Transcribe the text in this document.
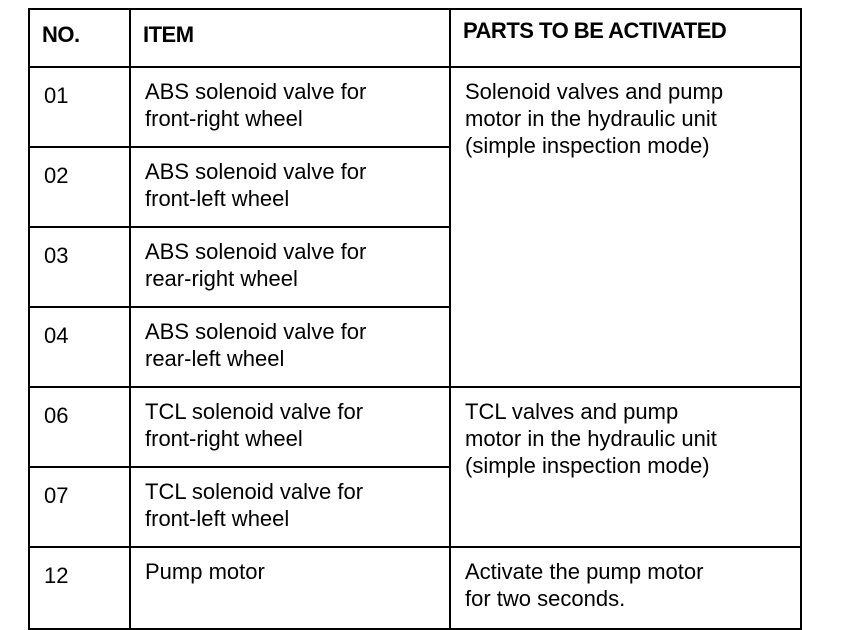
NO.	ITEM	PARTS TO BE ACTIVATED
01	ABS solenoid valve for
front-right wheel	Solenoid valves and pump
motor in the hydraulic unit
(simple inspection mode)

02	ABS solenoid valve for
front-left wheel	

03	ABS solenoid valve for
rear-right wheel	

04	ABS solenoid valve for
rear-left wheel	

06	TCL solenoid valve for
front-right wheel	TCL valves and pump
motor in the hydraulic unit
(simple inspection mode)

07	TCL solenoid valve for
front-left wheel	

12	Pump motor	Activate the pump motor
for two seconds.
